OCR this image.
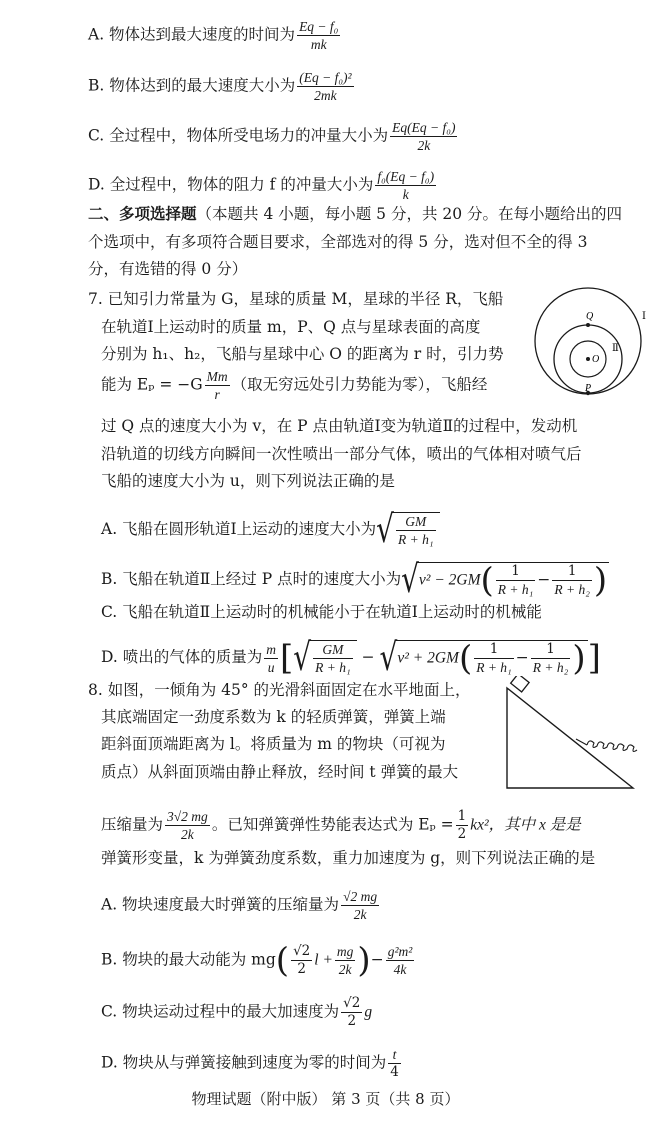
A. 物体达到最大速度的时间为 $\frac{\text{Eq − f₀}}{mk}$
B. 物体达到的最大速度大小为 $\frac{\text{(Eq − f₀)²}}{2mk}$
C. 全过程中，物体所受电场力的冲量大小为 $\frac{\text{Eq(Eq − f₀)}}{2k}$
D. 全过程中，物体的阻力 f 的冲量大小为 $\frac{\text{f₀(Eq − f₀)}}{k}$
二、多项选择题（本题共 4 小题，每小题 5 分，共 20 分。在每小题给出的四
个选项中，有多项符合题目要求，全部选对的得 5 分，选对但不全的得 3
分，有选错的得 0 分）
7. 已知引力常量为 G，星球的质量 M，星球的半径 R，飞船
在轨道Ⅰ上运动时的质量 m，P、Q 点与星球表面的高度
分别为 h₁、h₂，飞船与星球中心 O 的距离为 r 时，引力势
能为 $E_p = -G \frac{Mm}{r}$ （取无穷远处引力势能为零），飞船经
过 Q 点的速度大小为 v，在 P 点由轨道Ⅰ变为轨道Ⅱ的过程中，发动机
沿轨道的切线方向瞬间一次性喷出一部分气体，喷出的气体相对喷气后
飞船的速度大小为 u，则下列说法正确的是
A. 飞船在圆形轨道Ⅰ上运动的速度大小为√ $\frac{GM}{\text{R + h₁}}$
B. 飞船在轨道Ⅱ上经过 P 点时的速度大小为$√v^2 - 2GM( \frac{1}{\text{R + h₁}} - \frac{1}{\text{R + h₂}}$ )
C. 飞船在轨道Ⅱ上运动时的机械能小于在轨道Ⅰ上运动时的机械能
D. 喷出的气体的质量为 $\frac{m}{u}$ [√ $\frac{GM}{\text{R + h₁}} - √v^2 + 2GM( \frac{1}{\text{R + h₁}} - \frac{1}{\text{R + h₂}}$ )]
Q
O
P
Ⅰ
Ⅱ
8. 如图，一倾角为 45° 的光滑斜面固定在水平地面上，
其底端固定一劲度系数为 k 的轻质弹簧，弹簧上端
距斜面顶端距离为 l。将质量为 m 的物块（可视为
质点）从斜面顶端由静止释放，经时间 t 弹簧的最大
压缩量为 $\frac{3√2 mg}{2k}$ 。已知弹簧弹性势能表达式为 $E_p = \frac{1}{2} kx^2$，其中 x 是是
弹簧形变量，k 为弹簧劲度系数，重力加速度为 g，则下列说法正确的是
A. 物块速度最大时弹簧的压缩量为 $\frac{√2 mg}{2k}$
B. 物块的最大动能为 $mg( \frac{√2}{2}$ $l + \frac{mg}{2k}$ )− $\frac{\text{g²m²}}{4k}$
C. 物块运动过程中的最大加速度为 $\frac{√2}{2}$ g
D. 物块从与弹簧接触到速度为零的时间为 $\frac{t}{4}$
物理试题（附中版） 第 3 页（共 8 页）
